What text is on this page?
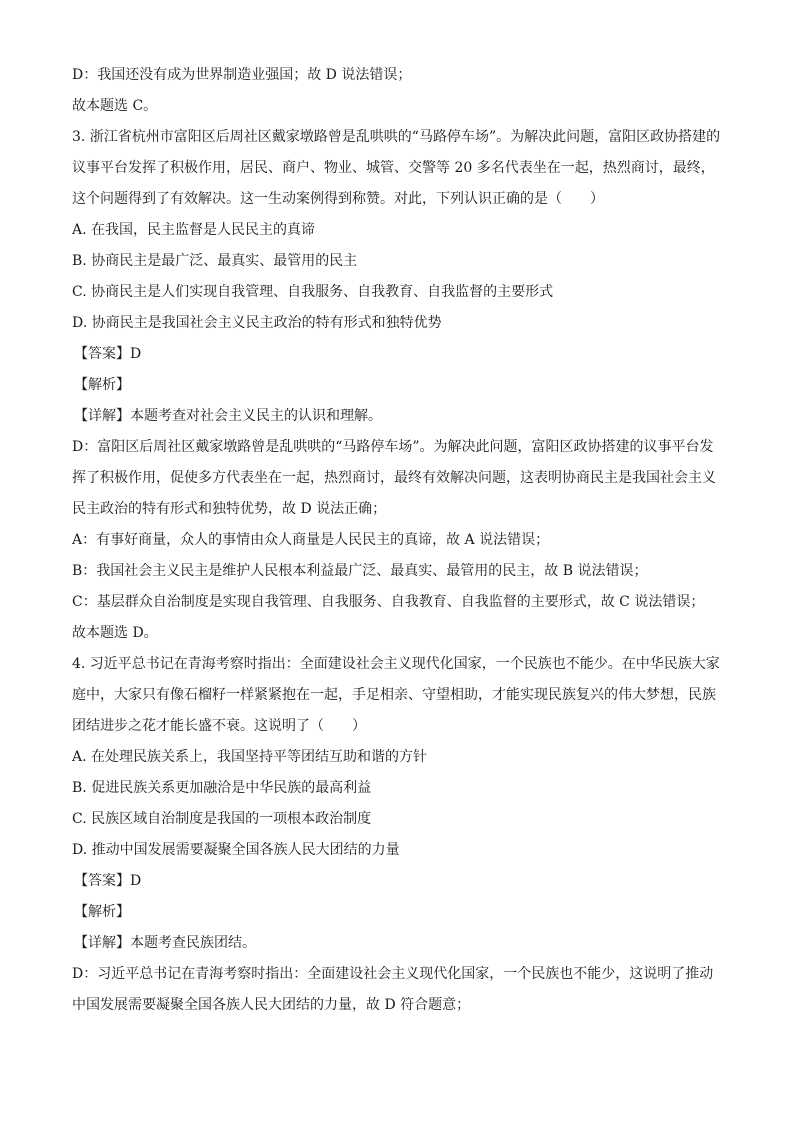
D：我国还没有成为世界制造业强国；故 D 说法错误；
故本题选 C。
3. 浙江省杭州市富阳区后周社区戴家墩路曾是乱哄哄的“马路停车场”。为解决此问题，富阳区政协搭建的
议事平台发挥了积极作用，居民、商户、物业、城管、交警等 20 多名代表坐在一起，热烈商讨，最终，
这个问题得到了有效解决。这一生动案例得到称赞。对此，下列认识正确的是（　　）
A. 在我国，民主监督是人民民主的真谛
B. 协商民主是最广泛、最真实、最管用的民主
C. 协商民主是人们实现自我管理、自我服务、自我教育、自我监督的主要形式
D. 协商民主是我国社会主义民主政治的特有形式和独特优势
【答案】D
【解析】
【详解】本题考查对社会主义民主的认识和理解。
D：富阳区后周社区戴家墩路曾是乱哄哄的“马路停车场”。为解决此问题，富阳区政协搭建的议事平台发
挥了积极作用，促使多方代表坐在一起，热烈商讨，最终有效解决问题，这表明协商民主是我国社会主义
民主政治的特有形式和独特优势，故 D 说法正确；
A：有事好商量，众人的事情由众人商量是人民民主的真谛，故 A 说法错误；
B：我国社会主义民主是维护人民根本利益最广泛、最真实、最管用的民主，故 B 说法错误；
C：基层群众自治制度是实现自我管理、自我服务、自我教育、自我监督的主要形式，故 C 说法错误；
故本题选 D。
4. 习近平总书记在青海考察时指出：全面建设社会主义现代化国家，一个民族也不能少。在中华民族大家
庭中，大家只有像石榴籽一样紧紧抱在一起，手足相亲、守望相助，才能实现民族复兴的伟大梦想，民族
团结进步之花才能长盛不衰。这说明了（　　）
A. 在处理民族关系上，我国坚持平等团结互助和谐的方针
B. 促进民族关系更加融洽是中华民族的最高利益
C. 民族区域自治制度是我国的一项根本政治制度
D. 推动中国发展需要凝聚全国各族人民大团结的力量
【答案】D
【解析】
【详解】本题考查民族团结。
D：习近平总书记在青海考察时指出：全面建设社会主义现代化国家，一个民族也不能少，这说明了推动
中国发展需要凝聚全国各族人民大团结的力量，故 D 符合题意；
